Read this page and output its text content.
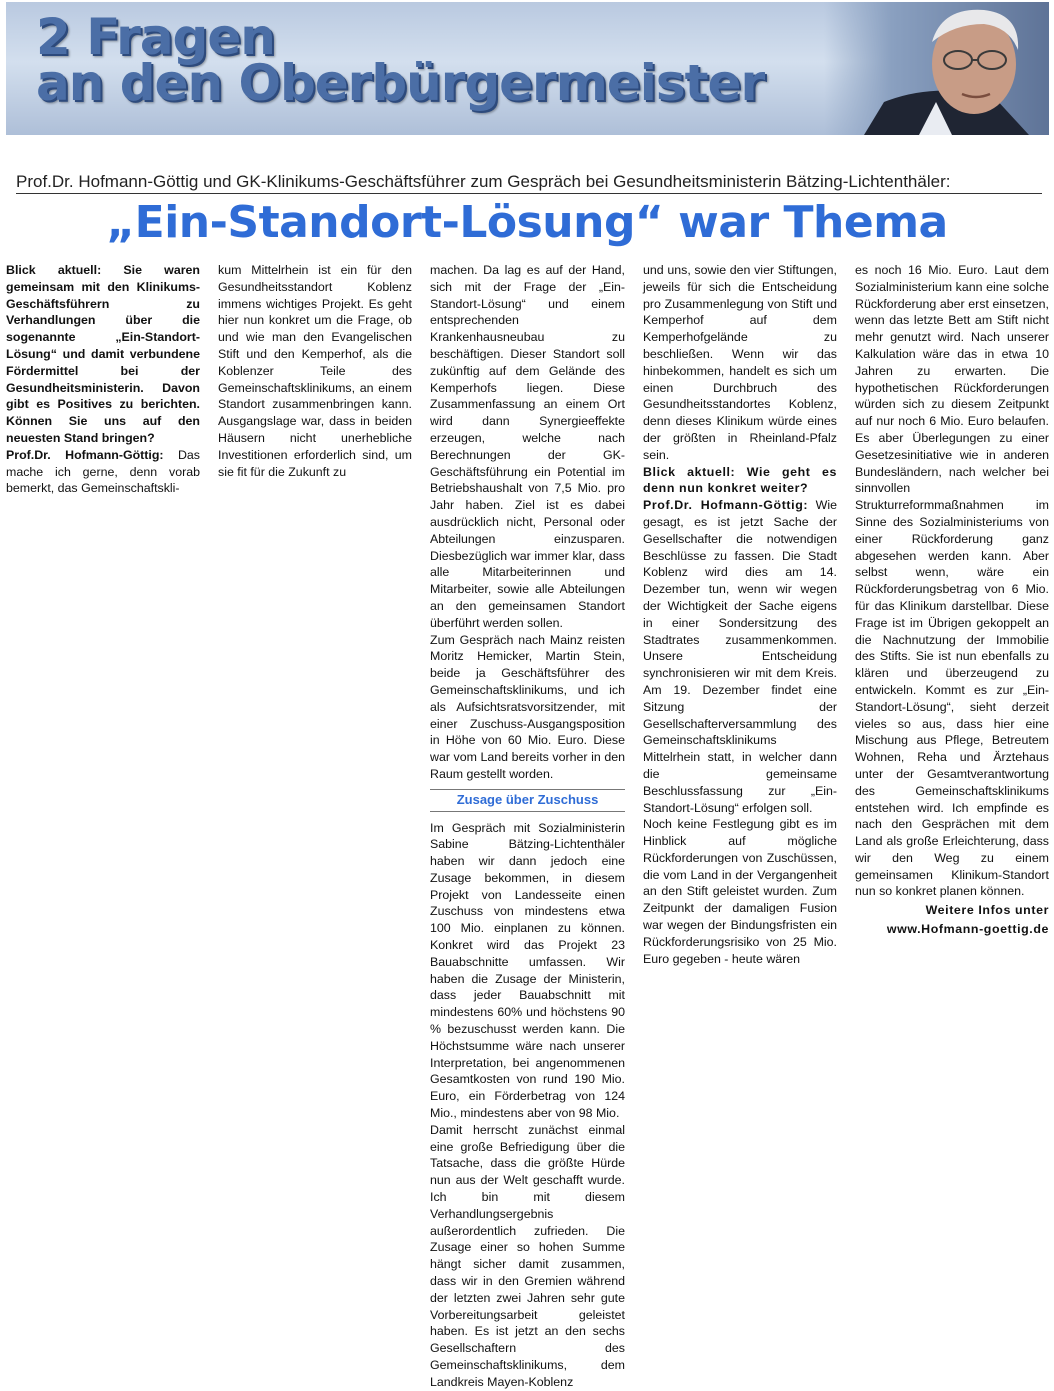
2 Fragen
an den Oberbürgermeister
Prof.Dr. Hofmann-Göttig und GK-Klinikums-Geschäftsführer zum Gespräch bei Gesundheitsministerin Bätzing-Lichtenthäler:
„Ein-Standort-Lösung“ war Thema

Blick aktuell: Sie waren gemeinsam mit den Klinikums-Geschäftsführern zu Verhandlungen über die sogenannte „Ein-Standort-Lösung“ und damit verbundene Fördermittel bei der Gesundheitsministerin. Davon gibt es Positives zu berichten. Können Sie uns auf den neuesten Stand bringen?
Prof.Dr. Hofmann-Göttig: Das mache ich gerne, denn vorab bemerkt, das Gemeinschaftskli-

kum Mittelrhein ist ein für den Gesundheitsstandort Koblenz immens wichtiges Projekt. Es geht hier nun konkret um die Frage, ob und wie man den Evangelischen Stift und den Kemperhof, als die Koblenzer Teile des Gemeinschaftsklinikums, an einem Standort zusammenbringen kann. Ausgangslage war, dass in beiden Häusern nicht unerhebliche Investitionen erforderlich sind, um sie fit für die Zukunft zu

machen. Da lag es auf der Hand, sich mit der Frage der „Ein-Standort-Lösung“ und einem entsprechenden Krankenhausneubau zu beschäftigen. Dieser Standort soll zukünftig auf dem Gelände des Kemperhofs liegen. Diese Zusammenfassung an einem Ort wird dann Synergieeffekte erzeugen, welche nach Berechnungen der GK-Geschäftsführung ein Potential im Betriebshaushalt von 7,5 Mio. pro Jahr haben. Ziel ist es dabei ausdrücklich nicht, Personal oder Abteilungen einzusparen. Diesbezüglich war immer klar, dass alle Mitarbeiterinnen und Mitarbeiter, sowie alle Abteilungen an den gemeinsamen Standort überführt werden sollen.

Zum Gespräch nach Mainz reisten Moritz Hemicker, Martin Stein, beide ja Geschäftsführer des Gemeinschaftsklinikums, und ich als Aufsichtsratsvorsitzender, mit einer Zuschuss-Ausgangsposition in Höhe von 60 Mio. Euro. Diese war vom Land bereits vorher in den Raum gestellt worden.

Zusage über Zuschuss

Im Gespräch mit Sozialministerin Sabine Bätzing-Lichtenthäler haben wir dann jedoch eine Zusage bekommen, in diesem Projekt von Landesseite einen Zuschuss von mindestens etwa 100 Mio. einplanen zu können. Konkret wird das Projekt 23 Bauabschnitte umfassen. Wir haben die Zusage der Ministerin, dass jeder Bauabschnitt mit mindestens 60% und höchstens 90 % bezuschusst werden kann. Die Höchstsumme wäre nach unserer Interpretation, bei angenommenen Gesamtkosten von rund 190 Mio. Euro, ein Förderbetrag von 124 Mio., mindestens aber von 98 Mio.

Damit herrscht zunächst einmal eine große Befriedigung über die Tatsache, dass die größte Hürde nun aus der Welt geschafft wurde. Ich bin mit diesem Verhandlungsergebnis außerordentlich zufrieden. Die Zusage einer so hohen Summe hängt sicher damit zusammen, dass wir in den Gremien während der letzten zwei Jahren sehr gute Vorbereitungsarbeit geleistet haben. Es ist jetzt an den sechs Gesellschaftern des Gemeinschaftsklinikums, dem Landkreis Mayen-Koblenz

und uns, sowie den vier Stiftungen, jeweils für sich die Entscheidung pro Zusammenlegung von Stift und Kemperhof auf dem Kemperhofgelände zu beschließen. Wenn wir das hinbekommen, handelt es sich um einen Durchbruch des Gesundheitsstandortes Koblenz, denn dieses Klinikum würde eines der größten in Rheinland-Pfalz sein.

Blick aktuell: Wie geht es denn nun konkret weiter?

Prof.Dr. Hofmann-Göttig: Wie gesagt, es ist jetzt Sache der Gesellschafter die notwendigen Beschlüsse zu fassen. Die Stadt Koblenz wird dies am 14. Dezember tun, wenn wir wegen der Wichtigkeit der Sache eigens in einer Sondersitzung des Stadtrates zusammenkommen. Unsere Entscheidung synchronisieren wir mit dem Kreis. Am 19. Dezember findet eine Sitzung der Gesellschafterversammlung des Gemeinschaftsklinikums Mittelrhein statt, in welcher dann die gemeinsame Beschlussfassung zur „Ein-Standort-Lösung“ erfolgen soll.

Noch keine Festlegung gibt es im Hinblick auf mögliche Rückforderungen von Zuschüssen, die vom Land in der Vergangenheit an den Stift geleistet wurden. Zum Zeitpunkt der damaligen Fusion war wegen der Bindungsfristen ein Rückforderungsrisiko von 25 Mio. Euro gegeben - heute wären

es noch 16 Mio. Euro. Laut dem Sozialministerium kann eine solche Rückforderung aber erst einsetzen, wenn das letzte Bett am Stift nicht mehr genutzt wird. Nach unserer Kalkulation wäre das in etwa 10 Jahren zu erwarten. Die hypothetischen Rückforderungen würden sich zu diesem Zeitpunkt auf nur noch 6 Mio. Euro belaufen. Es aber Überlegungen zu einer Gesetzesinitiative wie in anderen Bundesländern, nach welcher bei sinnvollen Strukturreformmaßnahmen im Sinne des Sozialministeriums von einer Rückforderung ganz abgesehen werden kann. Aber selbst wenn, wäre ein Rückforderungsbetrag von 6 Mio. für das Klinikum darstellbar. Diese Frage ist im Übrigen gekoppelt an die Nachnutzung der Immobilie des Stifts. Sie ist nun ebenfalls zu klären und überzeugend zu entwickeln. Kommt es zur „Ein-Standort-Lösung“, sieht derzeit vieles so aus, dass hier eine Mischung aus Pflege, Betreutem Wohnen, Reha und Ärztehaus unter der Gesamtverantwortung des Gemeinschaftsklinikums entstehen wird. Ich empfinde es nach den Gesprächen mit dem Land als große Erleichterung, dass wir den Weg zu einem gemeinsamen Klinikum-Standort nun so konkret planen können.

Weitere Infos unter
www.Hofmann-goettig.de
